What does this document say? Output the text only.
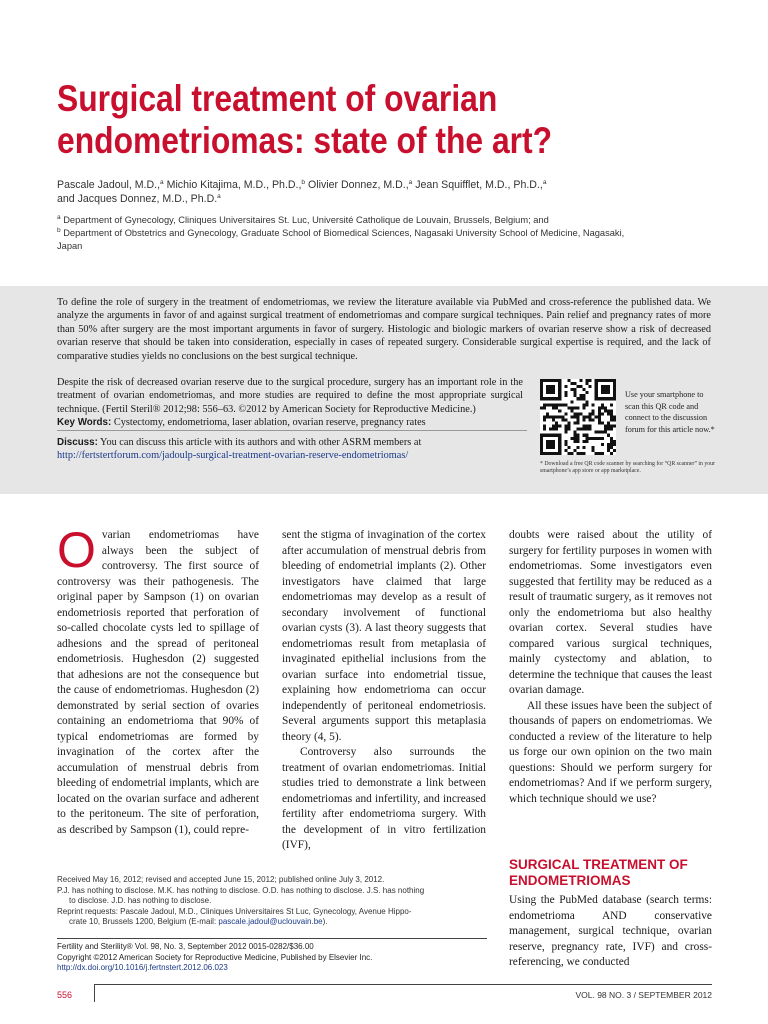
Surgical treatment of ovarian endometriomas: state of the art?
Pascale Jadoul, M.D.,$^a$ Michio Kitajima, M.D., Ph.D.,$^b$ Olivier Donnez, M.D.,$^a$ Jean Squifflet, M.D., Ph.D.,$^a$
and Jacques Donnez, M.D., Ph.D.$^a$
$^a$ Department of Gynecology, Cliniques Universitaires St. Luc, Université Catholique de Louvain, Brussels, Belgium; and
$^b$ Department of Obstetrics and Gynecology, Graduate School of Biomedical Sciences, Nagasaki University School of Medicine, Nagasaki, Japan

To define the role of surgery in the treatment of endometriomas, we review the literature available via PubMed and cross-reference the published data. We analyze the arguments in favor of and against surgical treatment of endometriomas and compare surgical techniques. Pain relief and pregnancy rates of more than 50% after surgery are the most important arguments in favor of surgery. Histologic and biologic markers of ovarian reserve show a risk of decreased ovarian reserve that should be taken into consideration, especially in cases of repeated surgery. Considerable surgical expertise is required, and the lack of comparative studies yields no conclusions on the best surgical technique.

Despite the risk of decreased ovarian reserve due to the surgical procedure, surgery has an important role in the treatment of ovarian endometriomas, and more studies are required to define the most appropriate surgical technique. (Fertil Steril® 2012;98: 556–63. ©2012 by American Society for Reproductive Medicine.)

Key Words: Cystectomy, endometrioma, laser ablation, ovarian reserve, pregnancy rates

Discuss: You can discuss this article with its authors and with other ASRM members at http://fertstertforum.com/jadoulp-surgical-treatment-ovarian-reserve-endometriomas/

Use your smartphone to scan this QR code and connect to the discussion forum for this article now.*

* Download a free QR code scanner by searching for “QR scanner” in your smartphone’s app store or app marketplace.

O varian endometriomas have always been the subject of controversy. The first source of controversy was their pathogenesis. The original paper by Sampson (1) on ovarian endometriosis reported that perforation of so-called chocolate cysts led to spillage of adhesions and the spread of peritoneal endometriosis. Hughesdon (2) suggested that adhesions are not the consequence but the cause of endometriomas. Hughesdon (2) demonstrated by serial section of ovaries containing an endometrioma that 90% of typical endometriomas are formed by invagination of the cortex after the accumulation of menstrual debris from bleeding of endometrial implants, which are located on the ovarian surface and adherent to the peritoneum. The site of perforation, as described by Sampson (1), could repre-

sent the stigma of invagination of the cortex after accumulation of menstrual debris from bleeding of endometrial implants (2). Other investigators have claimed that large endometriomas may develop as a result of secondary involvement of functional ovarian cysts (3). A last theory suggests that endometriomas result from metaplasia of invaginated epithelial inclusions from the ovarian surface into endometrial tissue, explaining how endometrioma can occur independently of peritoneal endometriosis. Several arguments support this metaplasia theory (4, 5).

Controversy also surrounds the treatment of ovarian endometriomas. Initial studies tried to demonstrate a link between endometriomas and infertility, and increased fertility after endometrioma surgery. With the development of in vitro fertilization (IVF),

doubts were raised about the utility of surgery for fertility purposes in women with endometriomas. Some investigators even suggested that fertility may be reduced as a result of traumatic surgery, as it removes not only the endometrioma but also healthy ovarian cortex. Several studies have compared various surgical techniques, mainly cystectomy and ablation, to determine the technique that causes the least ovarian damage.

All these issues have been the subject of thousands of papers on endometriomas. We conducted a review of the literature to help us forge our own opinion on the two main questions: Should we perform surgery for endometriomas? And if we perform surgery, which technique should we use?

SURGICAL TREATMENT OF ENDOMETRIOMAS

Using the PubMed database (search terms: endometrioma AND conservative management, surgical technique, ovarian reserve, pregnancy rate, IVF) and cross-referencing, we conducted

Received May 16, 2012; revised and accepted June 15, 2012; published online July 3, 2012.
P.J. has nothing to disclose. M.K. has nothing to disclose. O.D. has nothing to disclose. J.S. has nothing
to disclose. J.D. has nothing to disclose.
Reprint requests: Pascale Jadoul, M.D., Cliniques Universitaires St Luc, Gynecology, Avenue Hippo-
crate 10, Brussels 1200, Belgium (E-mail: pascale.jadoul@uclouvain.be).
Fertility and Sterility® Vol. 98, No. 3, September 2012 0015-0282/$36.00
Copyright ©2012 American Society for Reproductive Medicine, Published by Elsevier Inc.
http://dx.doi.org/10.1016/j.fertnstert.2012.06.023
556	VOL. 98 NO. 3 / SEPTEMBER 2012
